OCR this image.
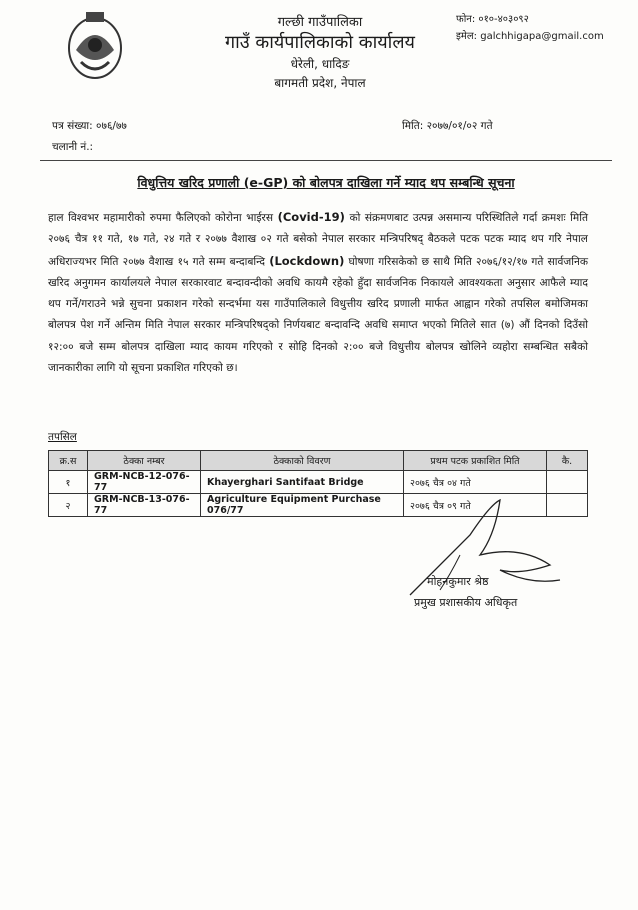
गल्छी गाउँपालिका
गाउँ कार्यपालिकाको कार्यालय
धेरेली, धादिङ
बागमती प्रदेश, नेपाल
फोन: ०१०-४०३०९२
इमेल: galchhigapa@gmail.com
पत्र संख्या: ०७६/७७
चलानी नं.:
मिति: २०७७/०१/०२ गते
विधुत्तिय खरिद प्रणाली (e-GP) को बोलपत्र दाखिला गर्ने म्याद थप सम्बन्धि सूचना
हाल विश्वभर महामारीको रुपमा फैलिएको कोरोना भाईरस (Covid-19) को संक्रमणबाट उत्पन्न असमान्य परिस्थितिले गर्दा क्रमशः मिति २०७६ चैत्र ११ गते, १७ गते, २४ गते र २०७७ वैशाख ०२ गते बसेको नेपाल सरकार मन्त्रिपरिषद् बैठकले पटक पटक म्याद थप गरि नेपाल अधिराज्यभर मिति २०७७ वैशाख १५ गते सम्म बन्दाबन्दि (Lockdown) घोषणा गरिसकेको छ साथै मिति २०७६/१२/१७ गते सार्वजनिक खरिद अनुगमन कार्यालयले नेपाल सरकारवाट बन्दावन्दीको अवधि कायमै रहेको हुँदा सार्वजनिक निकायले आवश्यकता अनुसार आफैले म्याद थप गर्ने/गराउने भन्ने सुचना प्रकाशन गरेको सन्दर्भमा यस गाउँपालिकाले विधुत्तीय खरिद प्रणाली मार्फत आह्वान गरेको तपसिल बमोजिमका बोलपत्र पेश गर्ने अन्तिम मिति नेपाल सरकार मन्त्रिपरिषद्को निर्णयबाट बन्दावन्दि अवधि समाप्त भएको मितिले सात (७) औं दिनको दिउँसो १२:०० बजे सम्म बोलपत्र दाखिला म्याद कायम गरिएको र सोहि दिनको २:०० बजे विधुत्तीय बोलपत्र खोलिने व्यहोरा सम्बन्धित सबैको जानकारीका लागि यो सूचना प्रकाशित गरिएको छ।
तपसिल
क्र.स	ठेक्का नम्बर	ठेक्काको विवरण	प्रथम पटक प्रकाशित मिति	कै.
१	GRM-NCB-12-076-77	Khayerghari Santifaat Bridge	२०७६ चैत्र ०४ गते	
२	GRM-NCB-13-076-77	Agriculture Equipment Purchase 076/77	२०७६ चैत्र ०९ गते	
मोहनकुमार श्रेष्ठ
प्रमुख प्रशासकीय अधिकृत
